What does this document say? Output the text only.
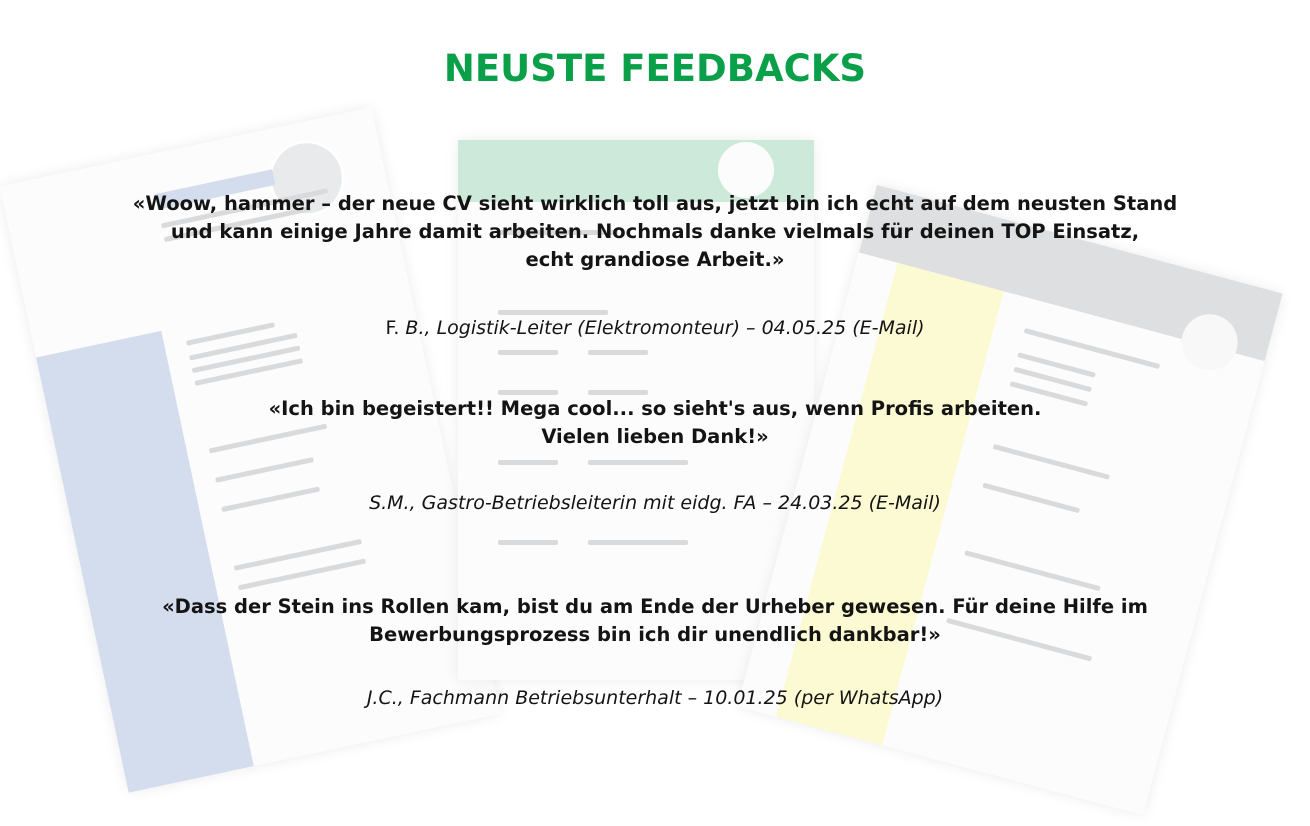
NEUSTE FEEDBACKS
«Woow, hammer – der neue CV sieht wirklich toll aus, jetzt bin ich echt auf dem neusten Stand
und kann einige Jahre damit arbeiten. Nochmals danke vielmals für deinen TOP Einsatz,
echt grandiose Arbeit.»
F. B., Logistik-Leiter (Elektromonteur) – 04.05.25 (E-Mail)
«Ich bin begeistert!! Mega cool... so sieht's aus, wenn Profis arbeiten.
Vielen lieben Dank!»
S.M., Gastro-Betriebsleiterin mit eidg. FA – 24.03.25 (E-Mail)
«Dass der Stein ins Rollen kam, bist du am Ende der Urheber gewesen. Für deine Hilfe im
Bewerbungsprozess bin ich dir unendlich dankbar!»
J.C., Fachmann Betriebsunterhalt – 10.01.25 (per WhatsApp)
